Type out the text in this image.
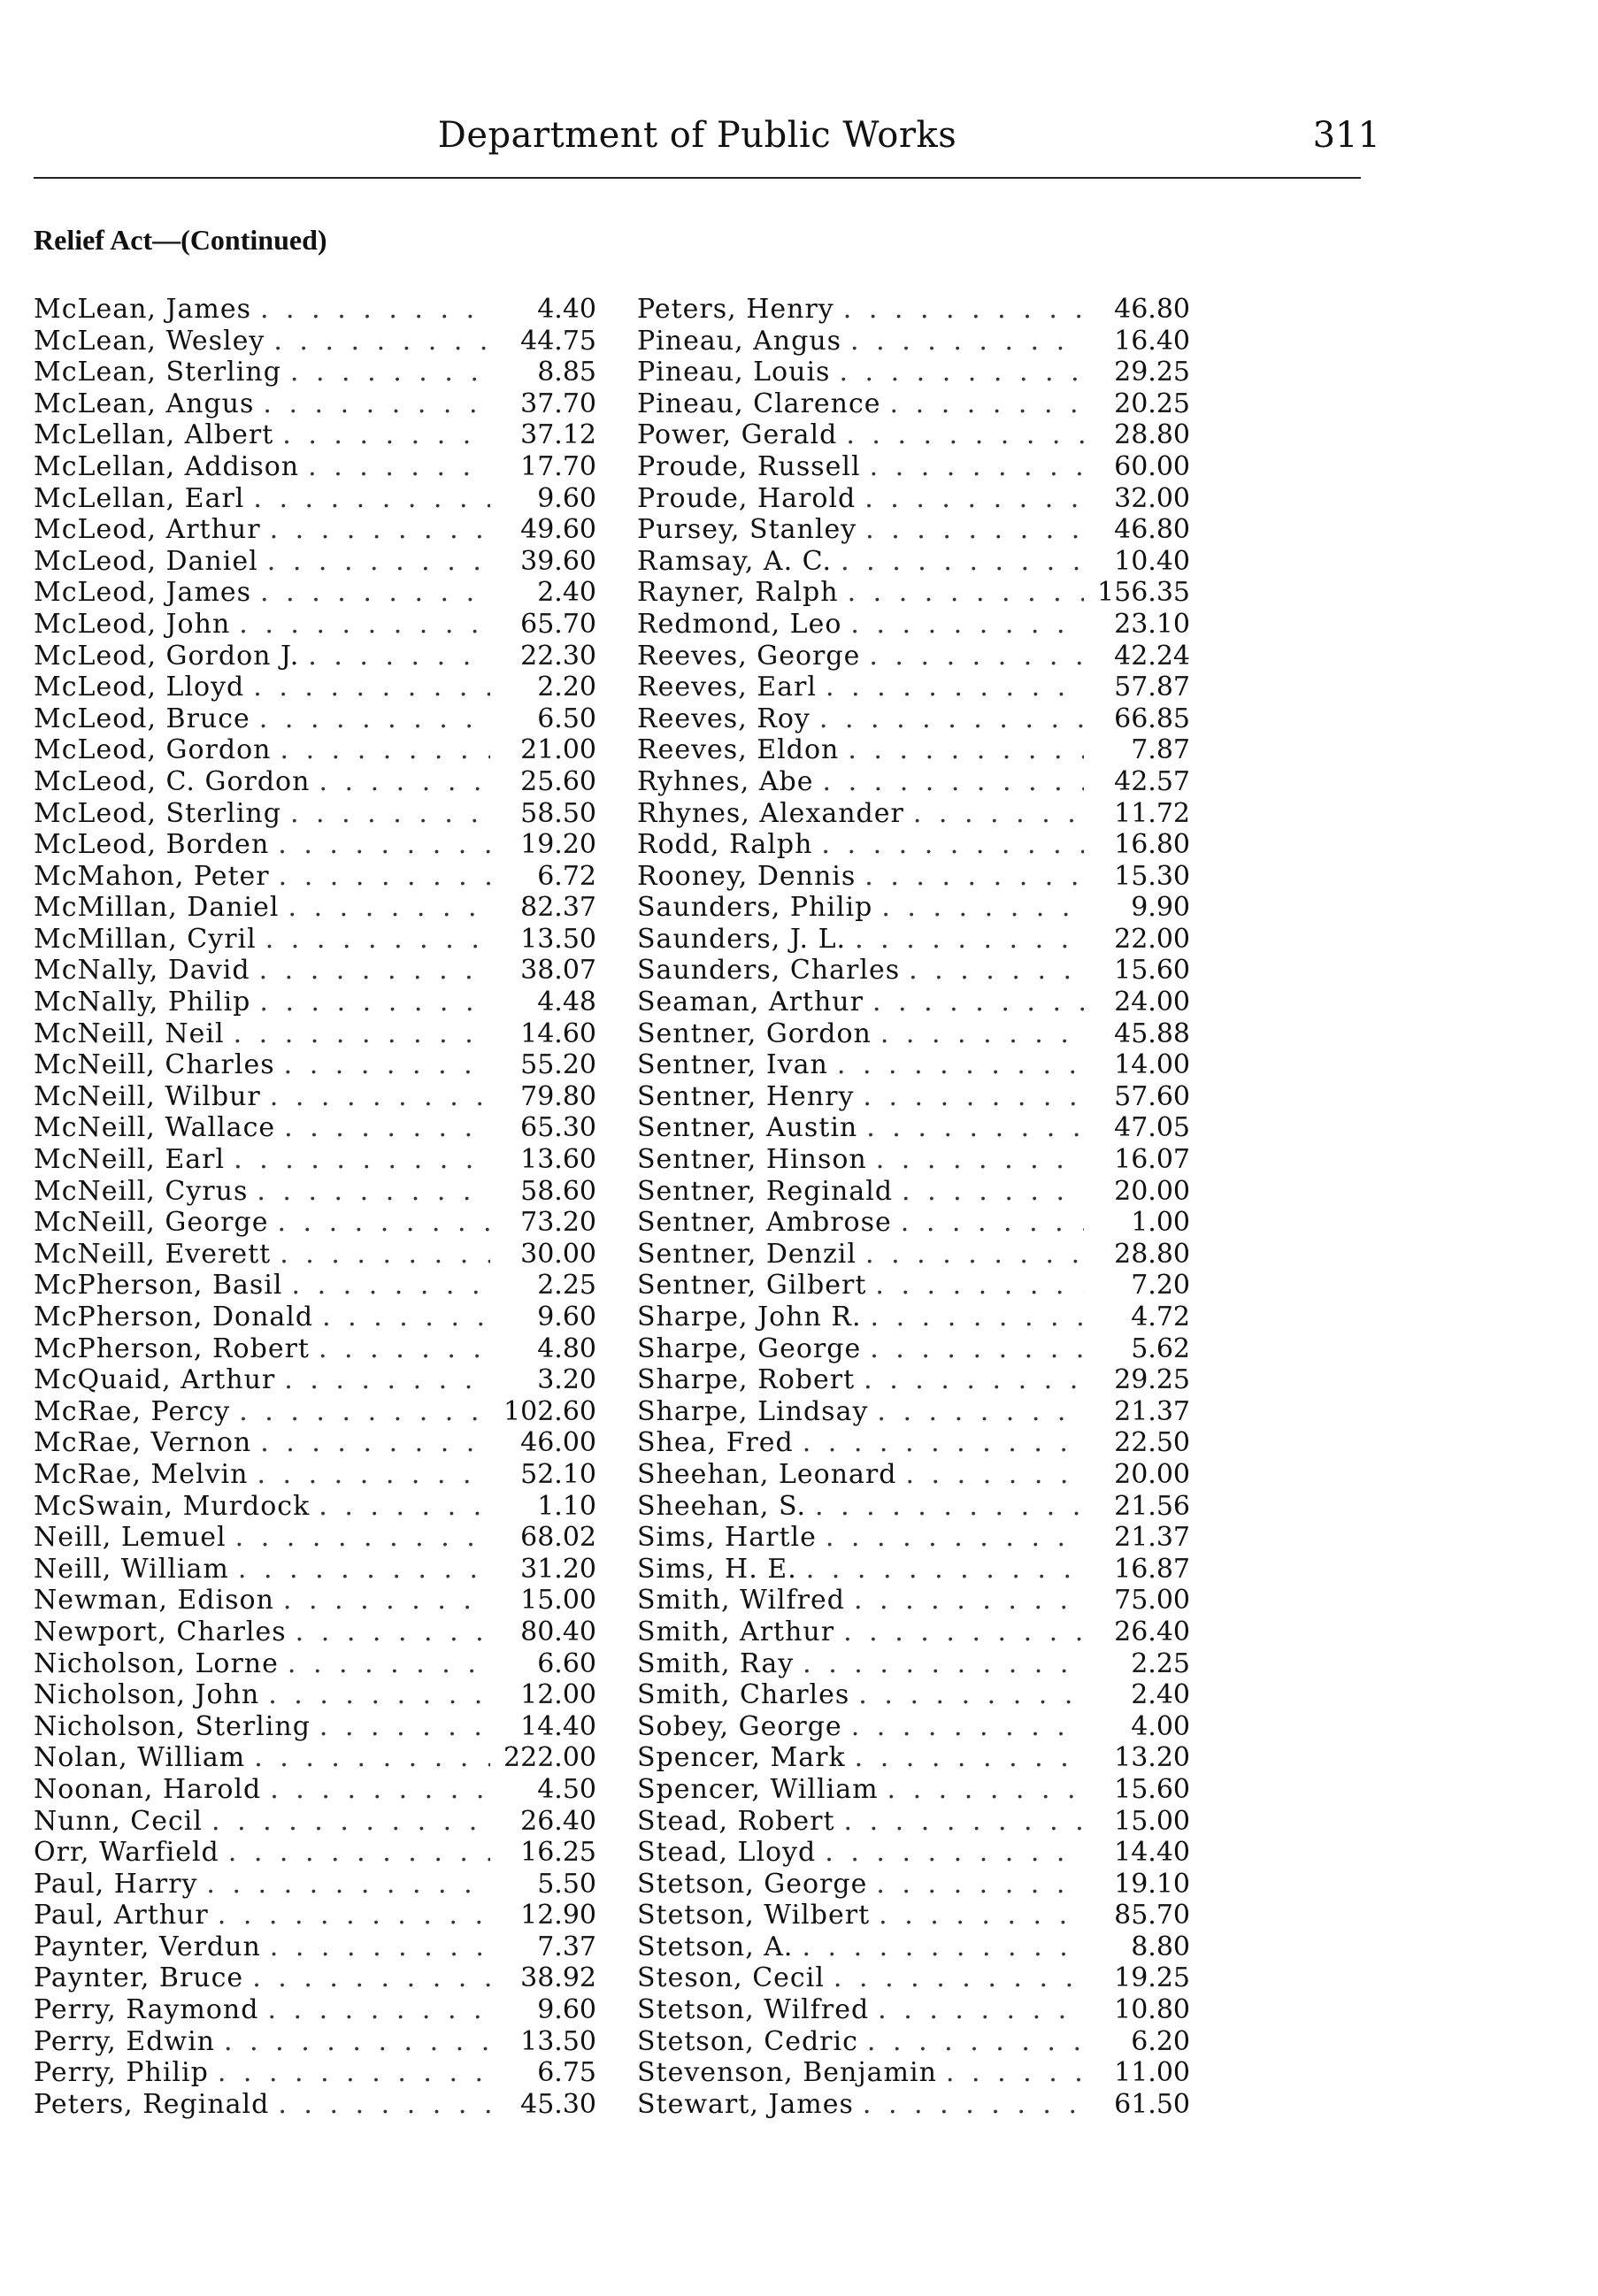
Department of Public Works	311
Relief Act—(Continued)
McLean, James . . .	4.40
McLean, Wesley . . .	44.75
McLean, Sterling . . .	8.85
McLean, Angus . . .	37.70
McLellan, Albert . . .	37.12
McLellan, Addison . . .	17.70
McLellan, Earl . . .	9.60
McLeod, Arthur . . .	49.60
McLeod, Daniel . . .	39.60
McLeod, James . . .	2.40
McLeod, John . . .	65.70
McLeod, Gordon J. . . .	22.30
McLeod, Lloyd . . .	2.20
McLeod, Bruce . . .	6.50
McLeod, Gordon . . .	21.00
McLeod, C. Gordon . . .	25.60
McLeod, Sterling . . .	58.50
McLeod, Borden . . .	19.20
McMahon, Peter . . .	6.72
McMillan, Daniel . . .	82.37
McMillan, Cyril . . .	13.50
McNally, David . . .	38.07
McNally, Philip . . .	4.48
McNeill, Neil . . .	14.60
McNeill, Charles . . .	55.20
McNeill, Wilbur . . .	79.80
McNeill, Wallace . . .	65.30
McNeill, Earl . . .	13.60
McNeill, Cyrus . . .	58.60
McNeill, George . . .	73.20
McNeill, Everett . . .	30.00
McPherson, Basil . . .	2.25
McPherson, Donald . . .	9.60
McPherson, Robert . . .	4.80
McQuaid, Arthur . . .	3.20
McRae, Percy . . .	102.60
McRae, Vernon . . .	46.00
McRae, Melvin . . .	52.10
McSwain, Murdock . . .	1.10
Neill, Lemuel . . .	68.02
Neill, William . . .	31.20
Newman, Edison . . .	15.00
Newport, Charles . . .	80.40
Nicholson, Lorne . . .	6.60
Nicholson, John . . .	12.00
Nicholson, Sterling . . .	14.40
Nolan, William . . .	222.00
Noonan, Harold . . .	4.50
Nunn, Cecil . . .	26.40
Orr, Warfield . . .	16.25
Paul, Harry . . .	5.50
Paul, Arthur . . .	12.90
Paynter, Verdun . . .	7.37
Paynter, Bruce . . .	38.92
Perry, Raymond . . .	9.60
Perry, Edwin . . .	13.50
Perry, Philip . . .	6.75
Peters, Reginald . . .	45.30
Peters, Henry . . .	46.80
Pineau, Angus . . .	16.40
Pineau, Louis . . .	29.25
Pineau, Clarence . . .	20.25
Power, Gerald . . .	28.80
Proude, Russell . . .	60.00
Proude, Harold . . .	32.00
Pursey, Stanley . . .	46.80
Ramsay, A. C. . . .	10.40
Rayner, Ralph . . .	156.35
Redmond, Leo . . .	23.10
Reeves, George . . .	42.24
Reeves, Earl . . .	57.87
Reeves, Roy . . .	66.85
Reeves, Eldon . . .	7.87
Ryhnes, Abe . . .	42.57
Rhynes, Alexander . . .	11.72
Rodd, Ralph . . .	16.80
Rooney, Dennis . . .	15.30
Saunders, Philip . . .	9.90
Saunders, J. L. . . .	22.00
Saunders, Charles . . .	15.60
Seaman, Arthur . . .	24.00
Sentner, Gordon . . .	45.88
Sentner, Ivan . . .	14.00
Sentner, Henry . . .	57.60
Sentner, Austin . . .	47.05
Sentner, Hinson . . .	16.07
Sentner, Reginald . . .	20.00
Sentner, Ambrose . . .	1.00
Sentner, Denzil . . .	28.80
Sentner, Gilbert . . .	7.20
Sharpe, John R. . . .	4.72
Sharpe, George . . .	5.62
Sharpe, Robert . . .	29.25
Sharpe, Lindsay . . .	21.37
Shea, Fred . . .	22.50
Sheehan, Leonard . . .	20.00
Sheehan, S. . . .	21.56
Sims, Hartle . . .	21.37
Sims, H. E. . . .	16.87
Smith, Wilfred . . .	75.00
Smith, Arthur . . .	26.40
Smith, Ray . . .	2.25
Smith, Charles . . .	2.40
Sobey, George . . .	4.00
Spencer, Mark . . .	13.20
Spencer, William . . .	15.60
Stead, Robert . . .	15.00
Stead, Lloyd . . .	14.40
Stetson, George . . .	19.10
Stetson, Wilbert . . .	85.70
Stetson, A. . . .	8.80
Steson, Cecil . . .	19.25
Stetson, Wilfred . . .	10.80
Stetson, Cedric . . .	6.20
Stevenson, Benjamin . . .	11.00
Stewart, James . . .	61.50
